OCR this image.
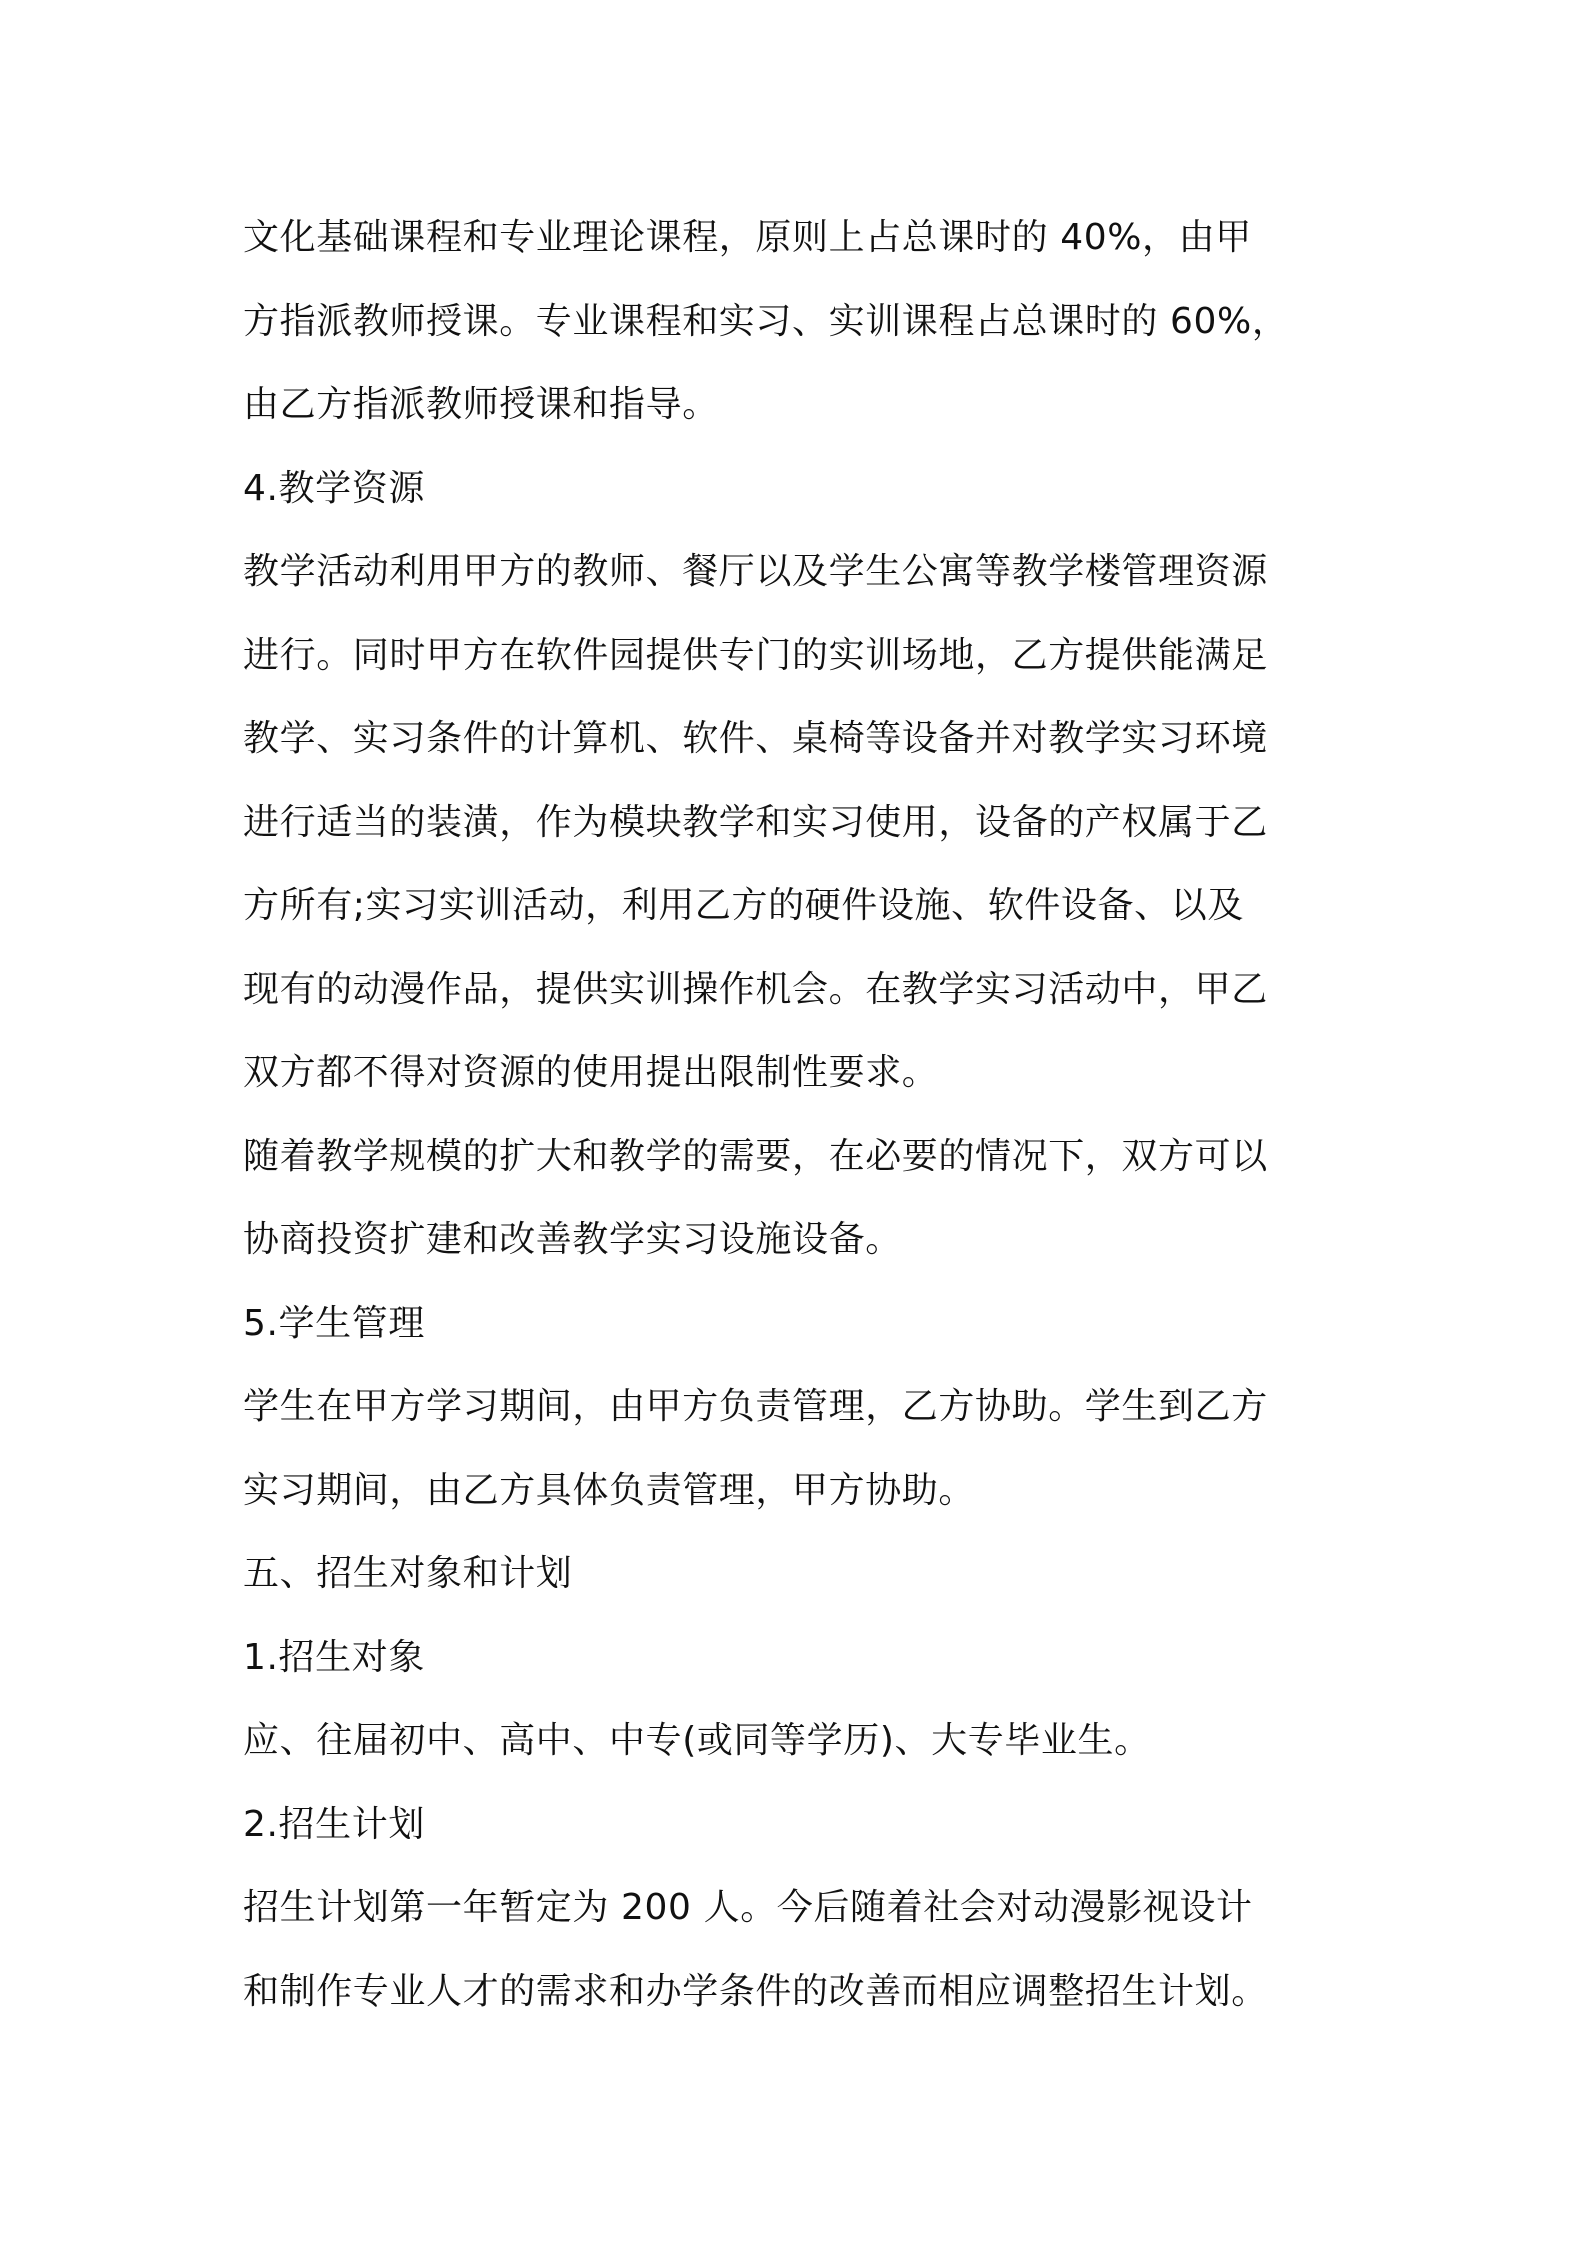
文化基础课程和专业理论课程，原则上占总课时的 40%，由甲
方指派教师授课。专业课程和实习、实训课程占总课时的 60%，
由乙方指派教师授课和指导。
4.教学资源
教学活动利用甲方的教师、餐厅以及学生公寓等教学楼管理资源
进行。同时甲方在软件园提供专门的实训场地，乙方提供能满足
教学、实习条件的计算机、软件、桌椅等设备并对教学实习环境
进行适当的装潢，作为模块教学和实习使用，设备的产权属于乙
方所有;实习实训活动，利用乙方的硬件设施、软件设备、以及
现有的动漫作品，提供实训操作机会。在教学实习活动中，甲乙
双方都不得对资源的使用提出限制性要求。
随着教学规模的扩大和教学的需要，在必要的情况下，双方可以
协商投资扩建和改善教学实习设施设备。
5.学生管理
学生在甲方学习期间，由甲方负责管理，乙方协助。学生到乙方
实习期间，由乙方具体负责管理，甲方协助。
五、招生对象和计划
1.招生对象
应、往届初中、高中、中专(或同等学历)、大专毕业生。
2.招生计划
招生计划第一年暂定为 200 人。今后随着社会对动漫影视设计
和制作专业人才的需求和办学条件的改善而相应调整招生计划。
